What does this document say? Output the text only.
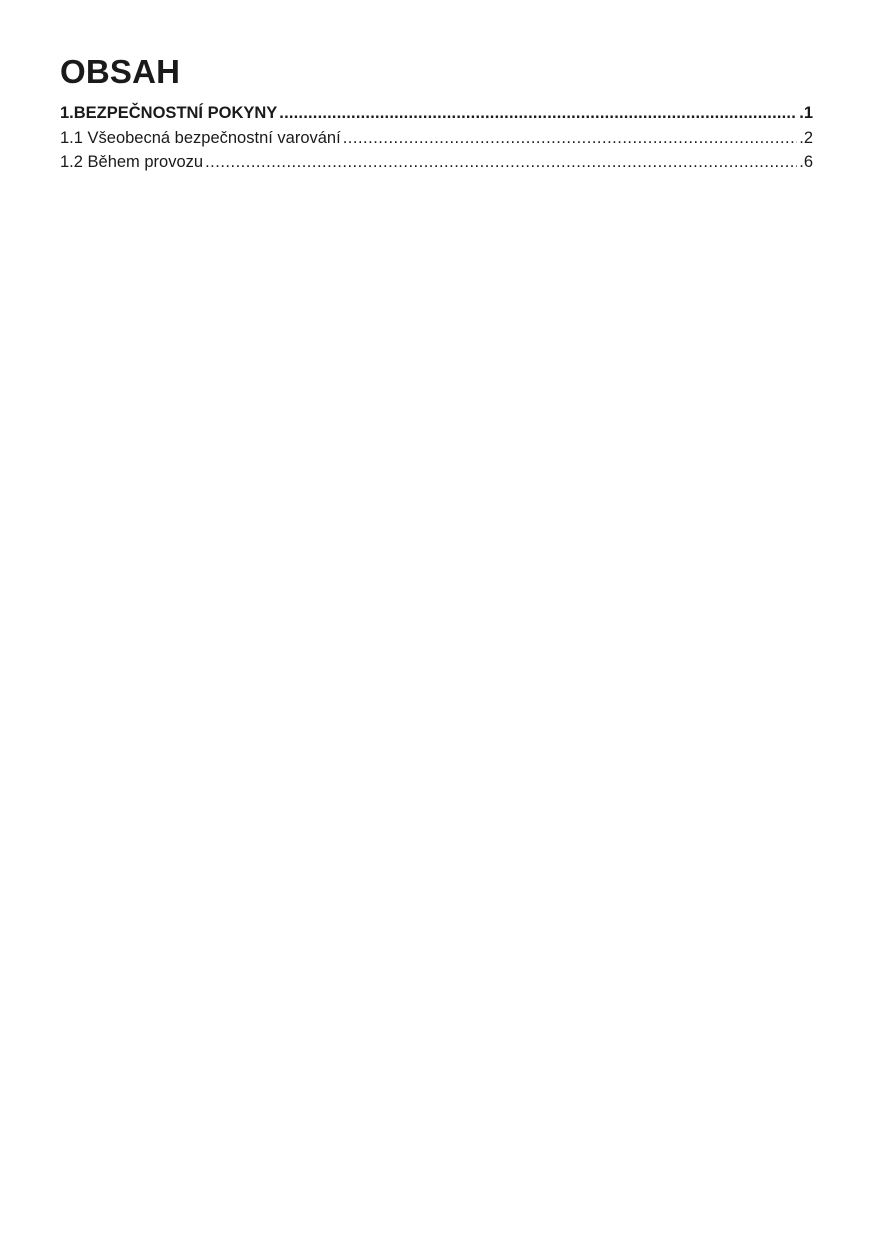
OBSAH
1.BEZPEČNOSTNÍ POKYNY .....	.1
1.1 Všeobecná bezpečnostní varování .....	.2
1.2 Během provozu .....	.6
